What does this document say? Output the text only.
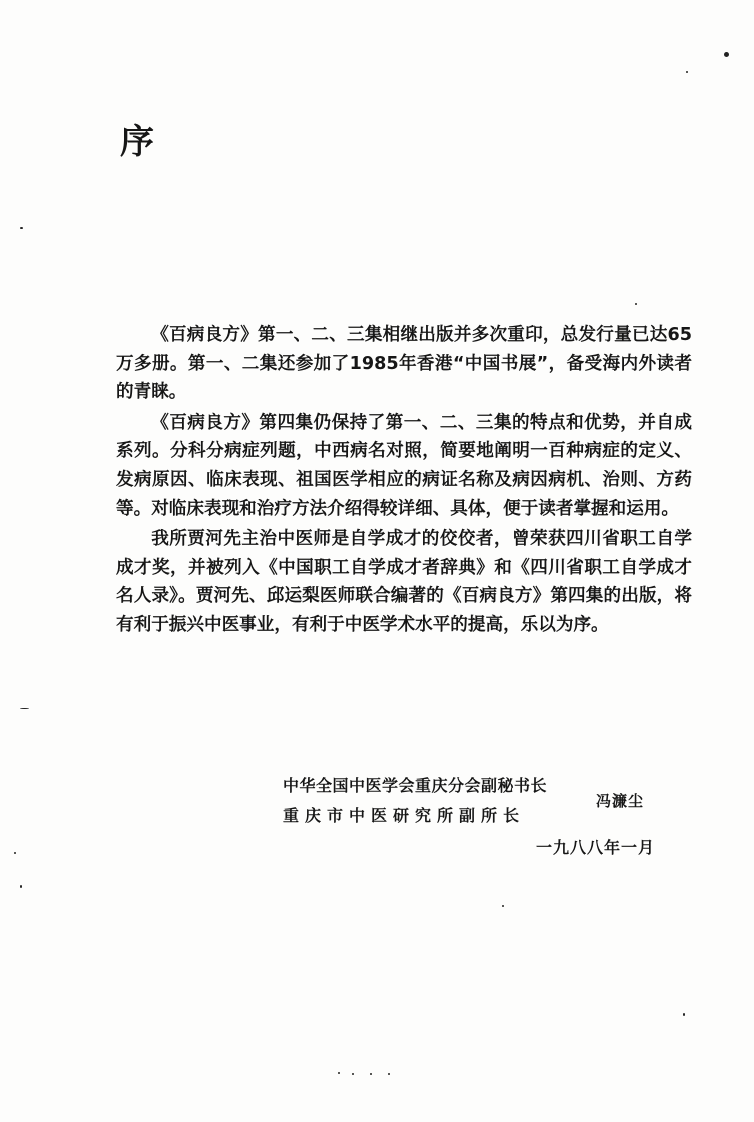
序

《百病良方》第一、二、三集相继出版并多次重印，总发行量已达65万多册。第一、二集还参加了1985年香港“中国书展”，备受海内外读者的青睐。

《百病良方》第四集仍保持了第一、二、三集的特点和优势，并自成系列。分科分病症列题，中西病名对照，简要地阐明一百种病症的定义、发病原因、临床表现、祖国医学相应的病证名称及病因病机、治则、方药等。对临床表现和治疗方法介绍得较详细、具体，便于读者掌握和运用。

我所贾河先主治中医师是自学成才的佼佼者，曾荣获四川省职工自学成才奖，并被列入《中国职工自学成才者辞典》和《四川省职工自学成才名人录》。贾河先、邱运梨医师联合编著的《百病良方》第四集的出版，将有利于振兴中医事业，有利于中医学术水平的提高，乐以为序。

中华全国中医学会重庆分会副秘书长
重庆市中医研究所副所长
冯濂尘
一九八八年一月
